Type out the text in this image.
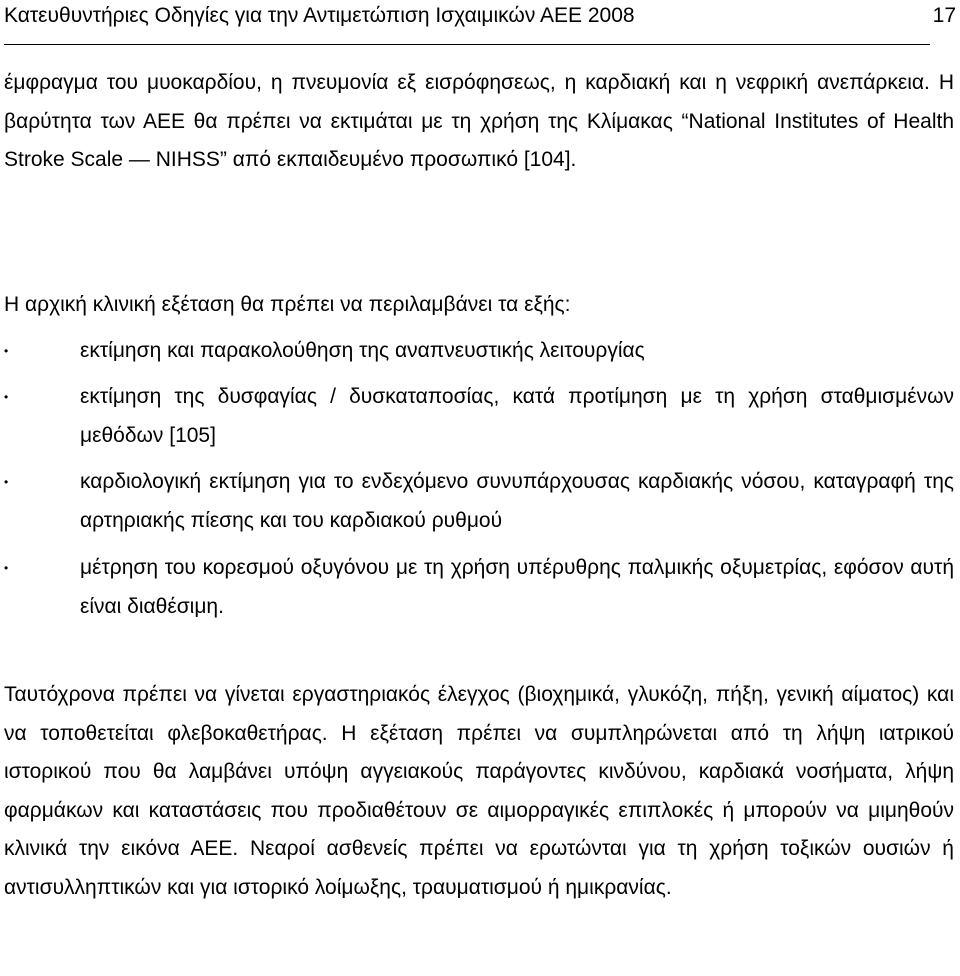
Κατευθυντήριες Οδηγίες για την Αντιμετώπιση Ισχαιμικών ΑΕΕ 2008	17

έμφραγμα του μυοκαρδίου, η πνευμονία εξ εισρόφησεως, η καρδιακή και η νεφρική ανεπάρκεια. Η βαρύτητα των ΑΕΕ θα πρέπει να εκτιμάται με τη χρήση της Κλίμακας “National Institutes of Health Stroke Scale — NIHSS” από εκπαιδευμένο προσωπικό [104].

Η αρχική κλινική εξέταση θα πρέπει να περιλαμβάνει τα εξής:

•	εκτίμηση και παρακολούθηση της αναπνευστικής λειτουργίας

•	εκτίμηση της δυσφαγίας / δυσκαταποσίας, κατά προτίμηση με τη χρήση σταθμισμένων μεθόδων [105]

•	καρδιολογική εκτίμηση για το ενδεχόμενο συνυπάρχουσας καρδιακής νόσου, καταγραφή της αρτηριακής πίεσης και του καρδιακού ρυθμού

•	μέτρηση του κορεσμού οξυγόνου με τη χρήση υπέρυθρης παλμικής οξυμετρίας, εφόσον αυτή είναι διαθέσιμη.

Ταυτόχρονα πρέπει να γίνεται εργαστηριακός έλεγχος (βιοχημικά, γλυκόζη, πήξη, γενική αίματος) και να τοποθετείται φλεβοκαθετήρας. Η εξέταση πρέπει να συμπληρώνεται από τη λήψη ιατρικού ιστορικού που θα λαμβάνει υπόψη αγγειακούς παράγοντες κινδύνου, καρδιακά νοσήματα, λήψη φαρμάκων και καταστάσεις που προδιαθέτουν σε αιμορραγικές επιπλοκές ή μπορούν να μιμηθούν κλινικά την εικόνα ΑΕΕ. Νεαροί ασθενείς πρέπει να ερωτώνται για τη χρήση τοξικών ουσιών ή αντισυλληπτικών και για ιστορικό λοίμωξης, τραυματισμού ή ημικρανίας.
